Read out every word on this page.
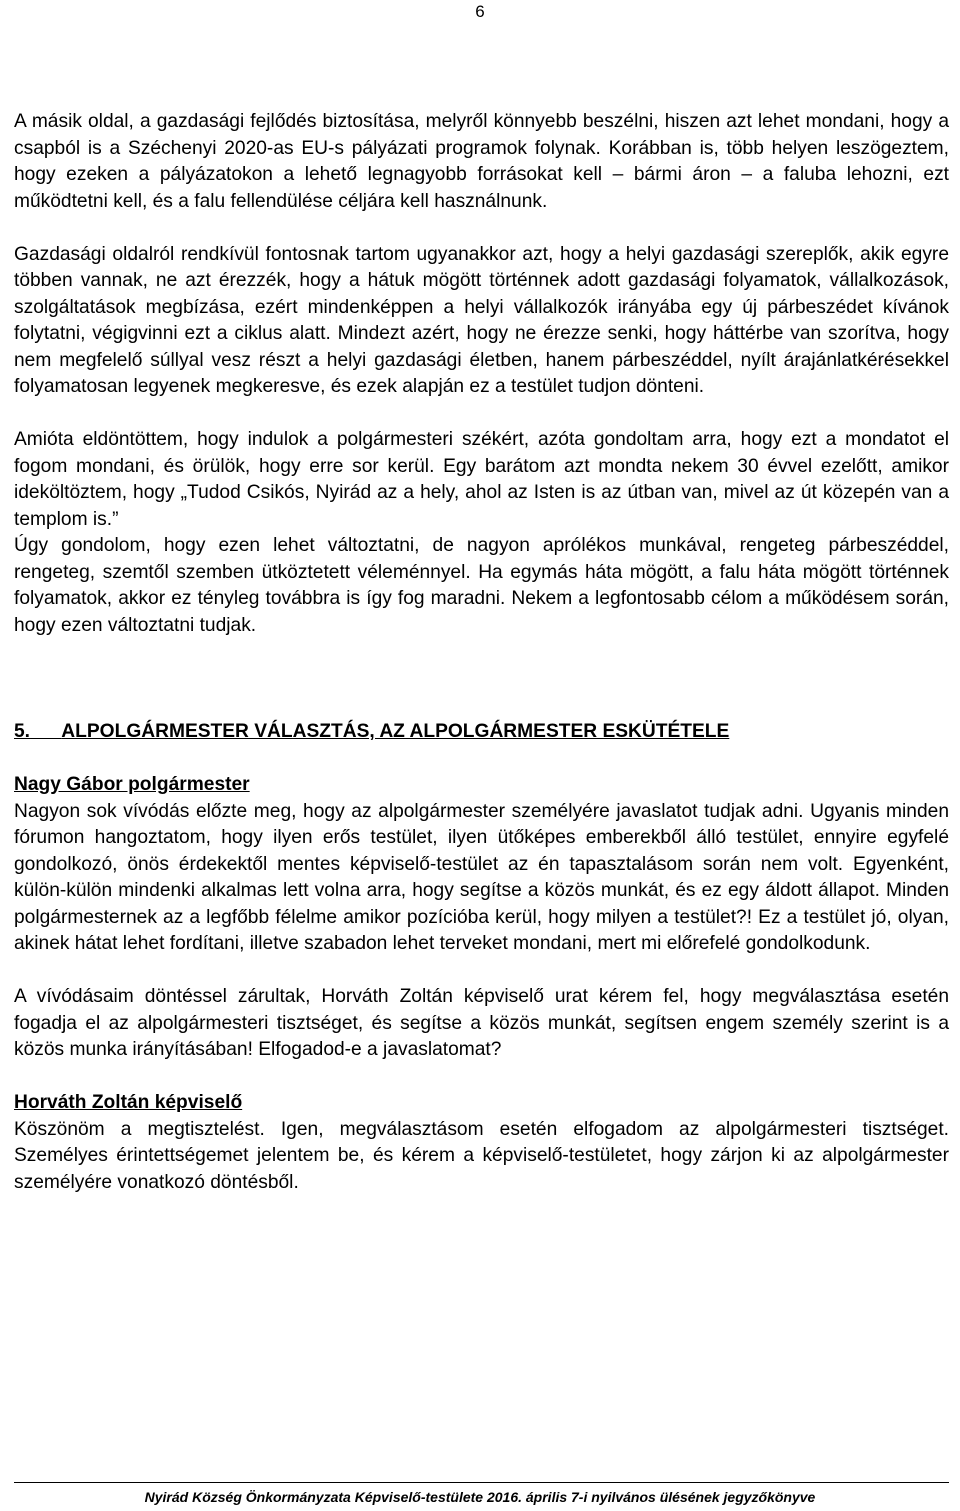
6

A másik oldal, a gazdasági fejlődés biztosítása, melyről könnyebb beszélni, hiszen azt lehet mondani, hogy a csapból is a Széchenyi 2020-as EU-s pályázati programok folynak. Korábban is, több helyen leszögeztem, hogy ezeken a pályázatokon a lehető legnagyobb forrásokat kell – bármi áron – a faluba lehozni, ezt működtetni kell, és a falu fellendülése céljára kell használnunk.

Gazdasági oldalról rendkívül fontosnak tartom ugyanakkor azt, hogy a helyi gazdasági szereplők, akik egyre többen vannak, ne azt érezzék, hogy a hátuk mögött történnek adott gazdasági folyamatok, vállalkozások, szolgáltatások megbízása, ezért mindenképpen a helyi vállalkozók irányába egy új párbeszédet kívánok folytatni, végigvinni ezt a ciklus alatt. Mindezt azért, hogy ne érezze senki, hogy háttérbe van szorítva, hogy nem megfelelő súllyal vesz részt a helyi gazdasági életben, hanem párbeszéddel, nyílt árajánlatkérésekkel folyamatosan legyenek megkeresve, és ezek alapján ez a testület tudjon dönteni.

Amióta eldöntöttem, hogy indulok a polgármesteri székért, azóta gondoltam arra, hogy ezt a mondatot el fogom mondani, és örülök, hogy erre sor kerül. Egy barátom azt mondta nekem 30 évvel ezelőtt, amikor ideköltöztem, hogy „Tudod Csikós, Nyirád az a hely, ahol az Isten is az útban van, mivel az út közepén van a templom is.”

Úgy gondolom, hogy ezen lehet változtatni, de nagyon aprólékos munkával, rengeteg párbeszéddel, rengeteg, szemtől szemben ütköztetett véleménnyel. Ha egymás háta mögött, a falu háta mögött történnek folyamatok, akkor ez tényleg továbbra is így fog maradni. Nekem a legfontosabb célom a működésem során, hogy ezen változtatni tudjak.

5. ALPOLGÁRMESTER VÁLASZTÁS, AZ ALPOLGÁRMESTER ESKÜTÉTELE

Nagy Gábor polgármester

Nagyon sok vívódás előzte meg, hogy az alpolgármester személyére javaslatot tudjak adni. Ugyanis minden fórumon hangoztatom, hogy ilyen erős testület, ilyen ütőképes emberekből álló testület, ennyire egyfelé gondolkozó, önös érdekektől mentes képviselő-testület az én tapasztalásom során nem volt. Egyenként, külön-külön mindenki alkalmas lett volna arra, hogy segítse a közös munkát, és ez egy áldott állapot. Minden polgármesternek az a legfőbb félelme amikor pozícióba kerül, hogy milyen a testület?! Ez a testület jó, olyan, akinek hátat lehet fordítani, illetve szabadon lehet terveket mondani, mert mi előrefelé gondolkodunk.

A vívódásaim döntéssel zárultak, Horváth Zoltán képviselő urat kérem fel, hogy megválasztása esetén fogadja el az alpolgármesteri tisztséget, és segítse a közös munkát, segítsen engem személy szerint is a közös munka irányításában! Elfogadod-e a javaslatomat?

Horváth Zoltán képviselő

Köszönöm a megtisztelést. Igen, megválasztásom esetén elfogadom az alpolgármesteri tisztséget. Személyes érintettségemet jelentem be, és kérem a képviselő-testületet, hogy zárjon ki az alpolgármester személyére vonatkozó döntésből.

Nyirád Község Önkormányzata Képviselő-testülete 2016. április 7-i nyilvános ülésének jegyzőkönyve
